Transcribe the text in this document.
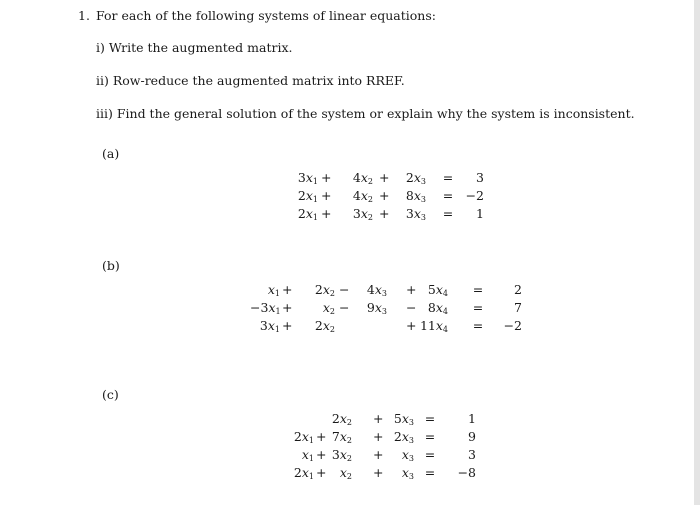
1. For each of the following systems of linear equations:
i) Write the augmented matrix.
ii) Row-reduce the augmented matrix into RREF.
iii) Find the general solution of the system or explain why the system is inconsistent.
(a)
(b)
(c)
$3x_1$ +	$4x_2$ +	$2x_3$ =	3
$2x_1$ +	$4x_2$ +	$8x_3 = -2$
$2x_1$ +	$3x_2$ +	$3x_3$ =	1
$x_1$ +	$2x_2$ −	$4x_3 + 5x_4$ =	2
$-3x_1$ +	$x_2$ −	$9x_3 - 8x_4$ =	7
$3x_1$ +	$2x_2$	+ $11x_4 = -2$
$2x_2 + 5x_3$ =	1
$2x_1 + 7x_2 + 2x_3$ =	9
$x_1 + 3x_2$ +	$x_3$ =	3
$2x_1$ +	$x_2$ +	$x_3$ =	−8
